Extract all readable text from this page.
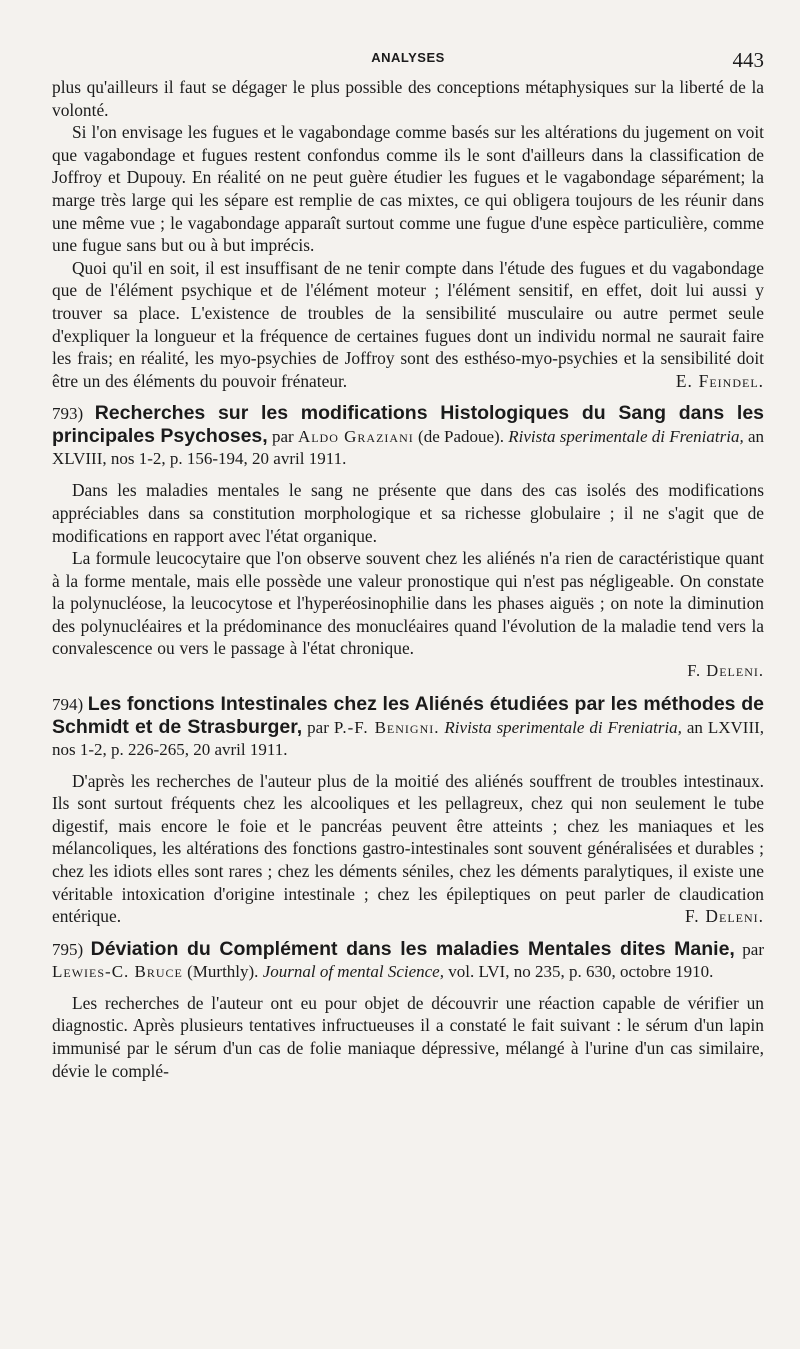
ANALYSES	443

plus qu'ailleurs il faut se dégager le plus possible des conceptions métaphysiques sur la liberté de la volonté.

Si l'on envisage les fugues et le vagabondage comme basés sur les altérations du jugement on voit que vagabondage et fugues restent confondus comme ils le sont d'ailleurs dans la classification de Joffroy et Dupouy. En réalité on ne peut guère étudier les fugues et le vagabondage séparément; la marge très large qui les sépare est remplie de cas mixtes, ce qui obligera toujours de les réunir dans une même vue ; le vagabondage apparaît surtout comme une fugue d'une espèce particulière, comme une fugue sans but ou à but imprécis.

Quoi qu'il en soit, il est insuffisant de ne tenir compte dans l'étude des fugues et du vagabondage que de l'élément psychique et de l'élément moteur ; l'élément sensitif, en effet, doit lui aussi y trouver sa place. L'existence de troubles de la sensibilité musculaire ou autre permet seule d'expliquer la longueur et la fréquence de certaines fugues dont un individu normal ne saurait faire les frais; en réalité, les myo-psychies de Joffroy sont des esthéso-myo-psychies et la sensibilité doit être un des éléments du pouvoir frénateur.	E. Feindel.

793) Recherches sur les modifications Histologiques du Sang dans les principales Psychoses, par Aldo Graziani (de Padoue). Rivista sperimentale di Freniatria, an XLVIII, nos 1-2, p. 156-194, 20 avril 1911.

Dans les maladies mentales le sang ne présente que dans des cas isolés des modifications appréciables dans sa constitution morphologique et sa richesse globulaire ; il ne s'agit que de modifications en rapport avec l'état organique.

La formule leucocytaire que l'on observe souvent chez les aliénés n'a rien de caractéristique quant à la forme mentale, mais elle possède une valeur pronostique qui n'est pas négligeable. On constate la polynucléose, la leucocytose et l'hyperéosinophilie dans les phases aiguës ; on note la diminution des polynucléaires et la prédominance des monucléaires quand l'évolution de la maladie tend vers la convalescence ou vers le passage à l'état chronique.

F. Deleni.
794) Les fonctions Intestinales chez les Aliénés étudiées par les méthodes de Schmidt et de Strasburger, par P.-F. Benigni. Rivista sperimentale di Freniatria, an LXVIII, nos 1-2, p. 226-265, 20 avril 1911.

D'après les recherches de l'auteur plus de la moitié des aliénés souffrent de troubles intestinaux. Ils sont surtout fréquents chez les alcooliques et les pellagreux, chez qui non seulement le tube digestif, mais encore le foie et le pancréas peuvent être atteints ; chez les maniaques et les mélancoliques, les altérations des fonctions gastro-intestinales sont souvent généralisées et durables ; chez les idiots elles sont rares ; chez les déments séniles, chez les déments paralytiques, il existe une véritable intoxication d'origine intestinale ; chez les épileptiques on peut parler de claudication entérique.	F. Deleni.

795) Déviation du Complément dans les maladies Mentales dites Manie, par Lewies-C. Bruce (Murthly). Journal of mental Science, vol. LVI, no 235, p. 630, octobre 1910.

Les recherches de l'auteur ont eu pour objet de découvrir une réaction capable de vérifier un diagnostic. Après plusieurs tentatives infructueuses il a constaté le fait suivant : le sérum d'un lapin immunisé par le sérum d'un cas de folie maniaque dépressive, mélangé à l'urine d'un cas similaire, dévie le complé-
